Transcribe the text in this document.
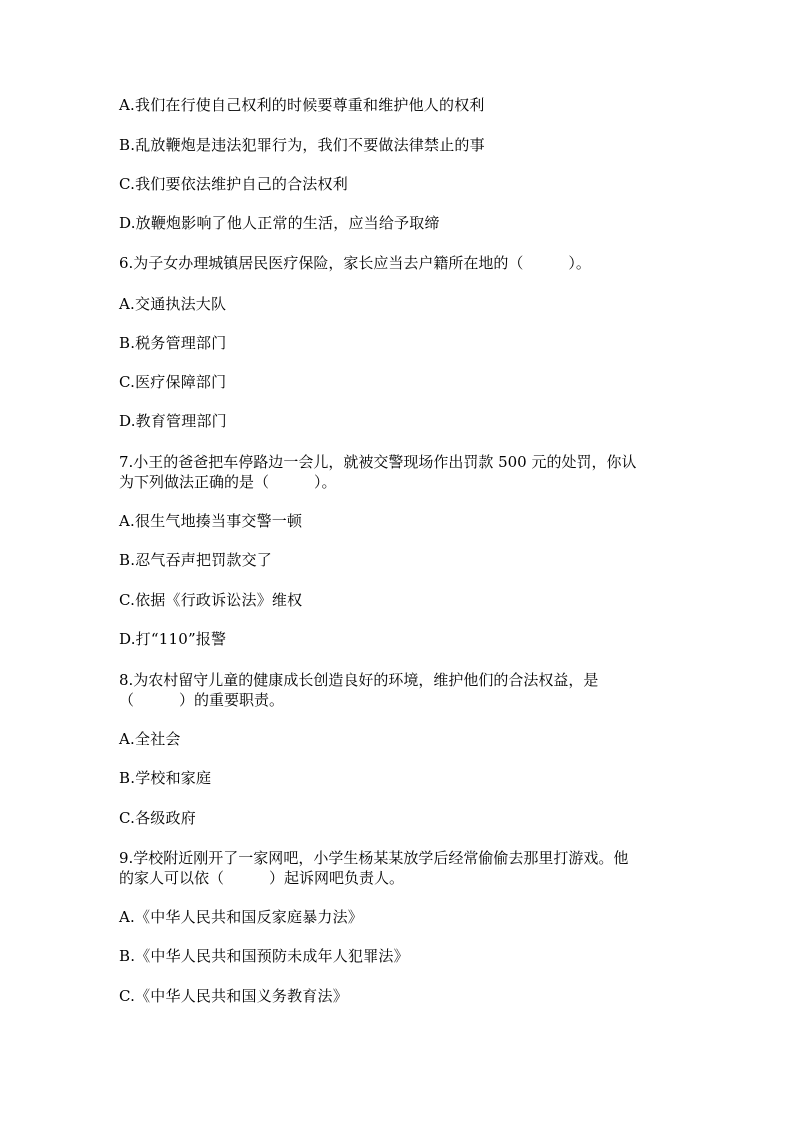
A.我们在行使自己权利的时候要尊重和维护他人的权利
B.乱放鞭炮是违法犯罪行为，我们不要做法律禁止的事
C.我们要依法维护自己的合法权利
D.放鞭炮影响了他人正常的生活，应当给予取缔
6.为子女办理城镇居民医疗保险，家长应当去户籍所在地的（　　　）。
A.交通执法大队
B.税务管理部门
C.医疗保障部门
D.教育管理部门
7.小王的爸爸把车停路边一会儿，就被交警现场作出罚款 500 元的处罚，你认
为下列做法正确的是（　　　）。
A.很生气地揍当事交警一顿
B.忍气吞声把罚款交了
C.依据《行政诉讼法》维权
D.打“110”报警
8.为农村留守儿童的健康成长创造良好的环境，维护他们的合法权益，是
（　　　）的重要职责。
A.全社会
B.学校和家庭
C.各级政府
9.学校附近刚开了一家网吧，小学生杨某某放学后经常偷偷去那里打游戏。他
的家人可以依（　　　）起诉网吧负责人。
A.《中华人民共和国反家庭暴力法》
B.《中华人民共和国预防未成年人犯罪法》
C.《中华人民共和国义务教育法》
